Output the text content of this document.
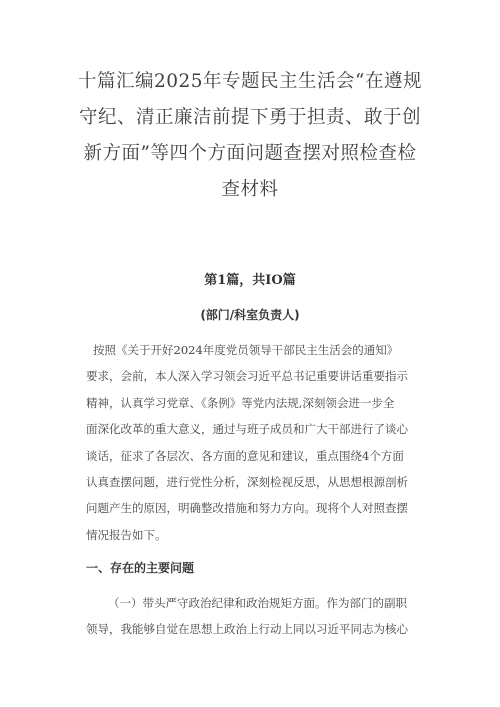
十篇汇编2025年专题民主生活会“在遵规
守纪、清正廉洁前提下勇于担责、敢于创
新方面”等四个方面问题查摆对照检查检
查材料
第1篇，共IO篇
(部门/科室负责人)
按照《关于开好2024年度党员领导干部民主生活会的通知》
要求，会前，本人深入学习领会习近平总书记重要讲话重要指示
精神，认真学习党章、《条例》等党内法规,深刻领会进一步全
面深化改革的重大意义，通过与班子成员和广大干部进行了谈心
谈话，征求了各层次、各方面的意见和建议，重点围绕4个方面
认真查摆问题，进行党性分析，深刻检视反思，从思想根源剖析
问题产生的原因，明确整改措施和努力方向。现将个人对照查摆
情况报告如下。
一、存在的主要问题
（一）带头严守政治纪律和政治规矩方面。作为部门的副职
领导，我能够自觉在思想上政治上行动上同以习近平同志为核心
